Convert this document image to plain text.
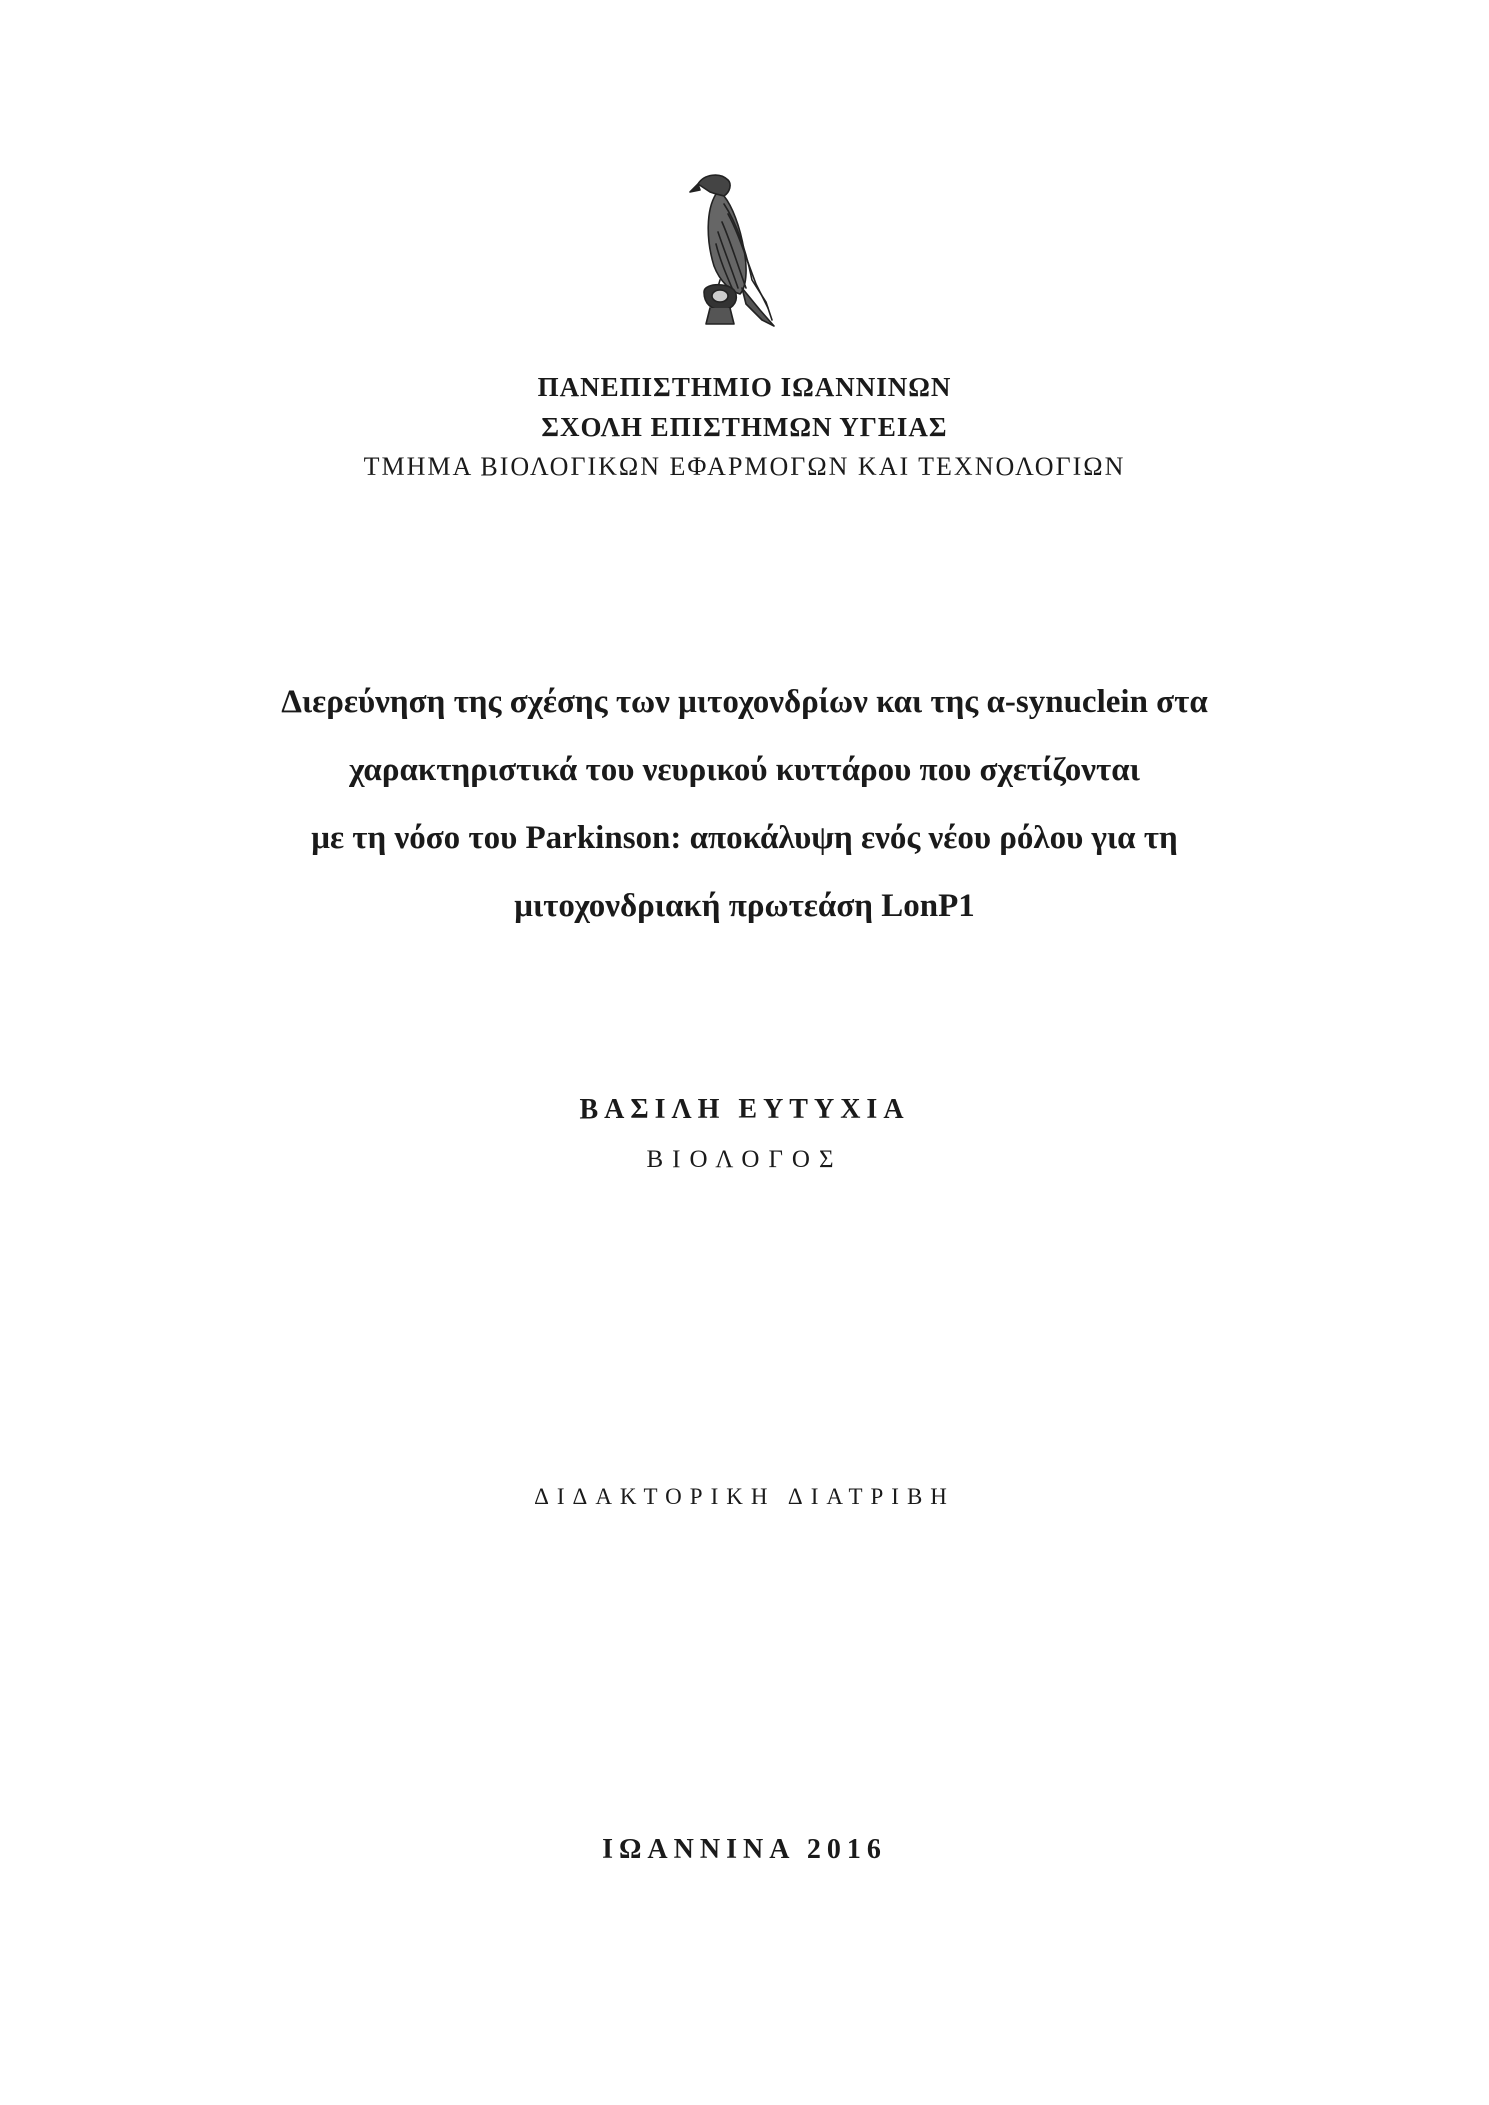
ΠΑΝΕΠΙΣΤΗΜΙΟ ΙΩΑΝΝΙΝΩΝ

ΣΧΟΛΗ ΕΠΙΣΤΗΜΩΝ ΥΓΕΙΑΣ

ΤΜΗΜΑ ΒΙΟΛΟΓΙΚΩΝ ΕΦΑΡΜΟΓΩΝ ΚΑΙ ΤΕΧΝΟΛΟΓΙΩΝ

Διερεύνηση της σχέσης των μιτοχονδρίων και της α-synuclein στα

χαρακτηριστικά του νευρικού κυττάρου που σχετίζονται

με τη νόσο του Parkinson: αποκάλυψη ενός νέου ρόλου για τη

μιτοχονδριακή πρωτεάση LonP1

ΒΑΣΙΛΗ ΕΥΤΥΧΙΑ

ΒΙΟΛΟΓΟΣ

ΔΙΔΑΚΤΟΡΙΚΗ ΔΙΑΤΡΙΒΗ

ΙΩΑΝΝΙΝΑ 2016
